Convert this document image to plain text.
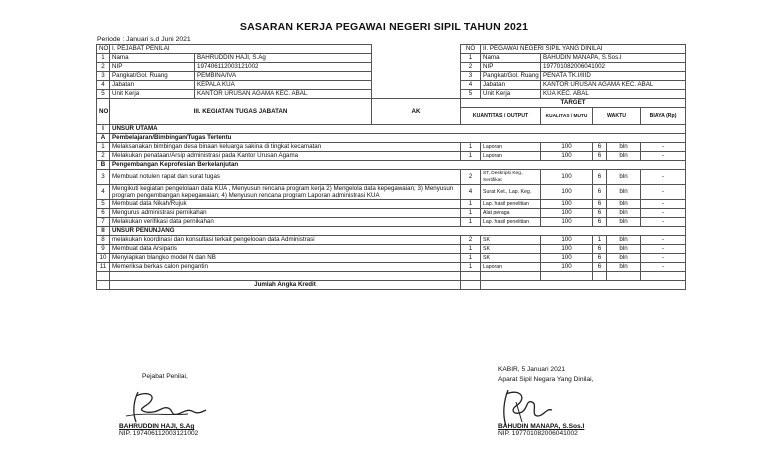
SASARAN KERJA PEGAWAI NEGERI SIPIL TAHUN 2021
Periode : Januari s.d Juni 2021
NO	I. PEJABAT PENILAI			NO	II. PEGAWAI NEGERI SIPIL YANG DINILAI				
1	Nama	BAHRUDDIN HAJI, S.Ag		1	Nama	BAHUDIN MANAPA, S.Sos.I			
2	NIP	197406112003121002		2	NIP	197701082006041002			
3	Pangkat/Gol. Ruang	PEMBINA/IVA		3	Pangkat/Gol. Ruang	PENATA TK.I/IIID			
4	Jabatan	KEPALA KUA		4	Jabatan	KANTOR URUSAN AGAMA KEC. ABAL			
5	Unit Kerja	KANTOR URUSAN AGAMA KEC. ABAL		5	Unit Kerja	KUA KEC. ABAL			
NO	III. KEGIATAN TUGAS JABATAN		AK	TARGET					
				KUANTITAS / OUTPUT		KUALITAS / MUTU	WAKTU		BIAYA (Rp)
I	UNSUR UTAMA								
A	Pembelajaran/Bimbingan/Tugas Tertentu								
1	Melaksanakan bimbingan desa binaan keluarga sakina di tingkat kecamatan			1	Laporan	100	6	bln	-
2	Melakukan penataan/Arsip administrasi pada Kantor Urusan Agama			1	Laporan	100	6	bln	-
B	Pengembangan Keprofesian Berkelanjutan								
3	Membuat notulen rapat dan surat tugas			2	ST, Deskripsi Keg., Sertifikat	100	6	bln	-
4	Mengikuti kegiatan pengelolaan data KUA , Menyusun rencana program kerja 2) Mengelola data kepegawaian; 3) Menyusun program pengembangan kepegawaian; 4) Menyusun rencana program Laporan administrasi KUA			4	Surat Ket., Lap. Keg.	100	6	bln	-
5	Membuat data Nikah/Rujuk			1	Lap. hasil penelitian	100	6	bln	-
6	Mengurus administrasi pernikahan			1	Alat peraga	100	6	bln	-
7	Melakukan verifikasi data pernikahan			1	Lap. hasil penelitian	100	6	bln	-
II	UNSUR PENUNJANG								
8	melakukan koordinasi dan konsultasi terkait pengelooan data Administrasi			2	SK	100	1	bln	-
9	Membuat data Arsiparis			1	SK	100	6	bln	-
10	Menyiapkan blangko model N dan NB			1	SK	100	6	bln	-
11	Memeriksa berkas calon pengantin			1	Laporan	100	6	bln	-

	Jumlah Angka Kredit								
Pejabat Penilai,
BAHRUDDIN HAJI, S.Ag
NIP. 197406112003121002
KABIR, 5 Januari 2021
Aparat Sipil Negara Yang Dinilai,
BAHUDIN MANAPA, S.Sos.I
NIP. 197701082006041002
